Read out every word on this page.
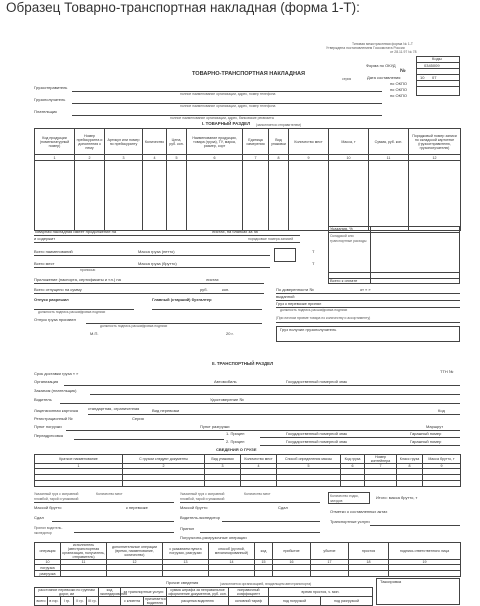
Образец Товарно-транспортная накладная (форма 1-Т):
Типовая межотраслевая форма № 1-Т
Утверждена постановлением Госкомстата России
от 28.11.97 № 78
Коды
Форма по ОКУД	0345009
№
Дата составления	10 07
по ОКПО
по ОКПО
по ОКПО
ТОВАРНО-ТРАНСПОРТНАЯ НАКЛАДНАЯ
серия
Грузоотправитель
полное наименование организации, адрес, номер телефона
Грузополучатель
полное наименование организации, адрес, номер телефона
Плательщик
полное наименование организации, адрес, банковские реквизиты
I. ТОВАРНЫЙ РАЗДЕЛ (заполняется отправителем)
Код продукции (номенклатурный номер)	Номер прейскуранта и дополнения к нему	Артикул или номер по прейскуранту	Количество	Цена, руб. коп.	Наименование продукции, товара (груза), ТУ, марка, размер, сорт	Единица измерения	Вид упаковки	Количество мест	Масса, т	Сумма, руб. коп.	Порядковый номер записи по складской картотеке (грузоотправителю, грузополучателю)
1	2	3	4	5	6	7	8	9	10	11	12

Товарная накладная имеет продолжение на	листах, на бланках за №
и содержит	порядковые номера записей
Всего наименований	Масса груза (нетто)	Т
Всего мест	Масса груза (брутто)	Т
прописью
Приложение (паспорта, сертификаты и т.п.) на	листах
Всего отпущено на сумму	руб.	коп.
Отпуск разрешил	Главный (старший) бухгалтер
должность подпись расшифровка подписи
Отпуск груза произвел
должность подпись расшифровка подписи
М.П.	20 г.
Указания, %
Складской или транспортные расходы
Всего к оплате
По доверенности №	от « »
выданной
Груз к перевозке принял
должность подпись расшифровка подписи
(При личном приеме товара по количеству и ассортименту)
Груз получил грузополучатель
II. ТРАНСПОРТНЫЙ РАЗДЕЛ
ТТН №
Срок доставки груза « »
Организация	Автомобиль	Государственный номерной знак
Заказчик (плательщик)
Водитель	Удостоверение №
Лицензионная карточка стандартная, ограниченная	Вид перевозки	Код
Регистрационный №	Серия
Пункт погрузки	Пункт разгрузки	Маршрут
Переадресовка	1. Прицеп
2. Прицеп
Государственный номерной знак
Государственный номерной знак
Гаражный номер
Гаражный номер
СВЕДЕНИЯ О ГРУЗЕ
Краткое наименование	С грузом следуют документы	Вид упаковки	Количество мест	Способ определения массы	Код груза	Номер контейнера	Класс груза	Масса брутто, т
1	2	3	4	5	6	7	8	9

Указанный груз с исправной пломбой, тарой и упаковкой
Количество мест	Указанный груз с исправной пломбой, тарой и упаковкой
Количество мест	Количество ездок, заездов
Итого: масса брутто, т
Массой брутто	к перевозке	Массой брутто	Сдал
Отметки о составленных актах
Сдал	Водитель-экспедитор
Транспортные услуги
Принял водитель-экспедитор
Принял
Погрузочно-разгрузочные операции
операция	исполнитель (автотранспортная организация, получатель, отправитель)	дополнительные операции (время, наименование, количество)	с указанием пункта погрузки, разгрузки	способ (ручной, механизированный)	код	прибытие	убытие	простоя	подпись ответственного лица
10	11	12	13	14	15	16	17	18	19
погрузка									
разгрузка									
Прочие сведения	(заполняется организацией, владельцем автотранспорта)	Таксировка
расстояние перевозки по группам дорог, км	код экспедирования	за транспортные услуги	сумма штрафа за неправильное оформление документов, руб. коп.	поправочный коэффициент	время простоя, ч. мин.
всего	в гор.	I гр.	II гр.	III гр.		с клиента	причитается водителю	расценка водителю	основной тариф	под погрузкой	под разгрузкой
